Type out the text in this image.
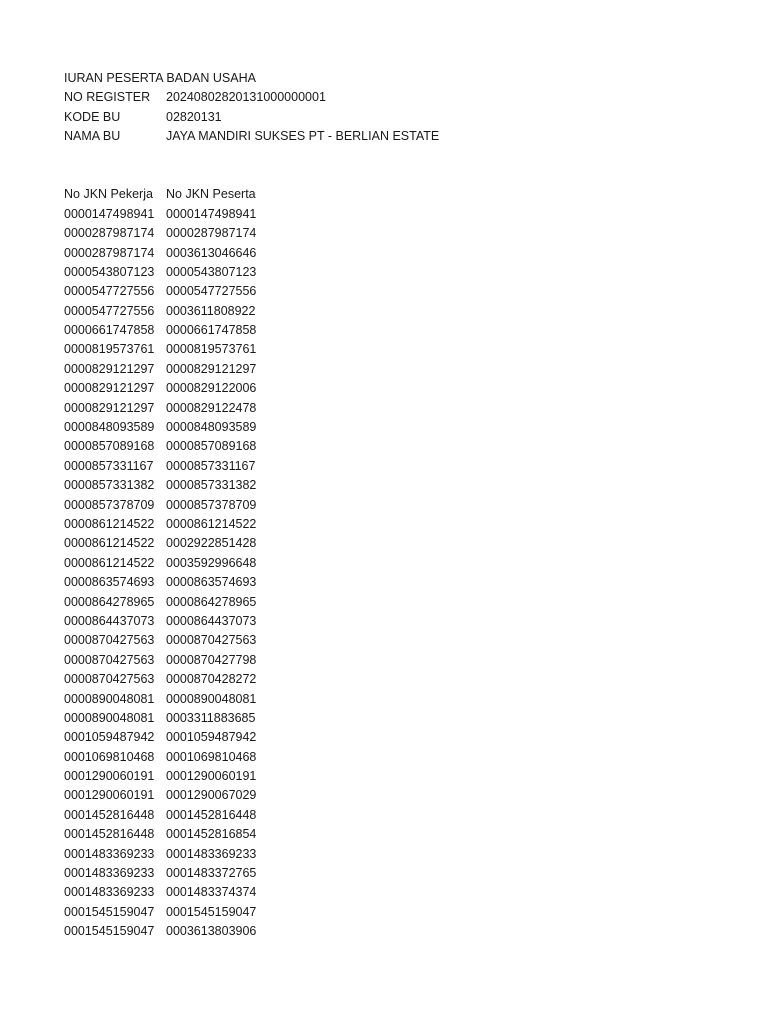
IURAN PESERTA BADAN USAHA
NO REGISTER	20240802820131000000001
KODE BU	02820131
NAMA BU	JAYA MANDIRI SUKSES PT - BERLIAN ESTATE
No JKN Pekerja	No JKN Peserta
0000147498941 0000147498941
0000287987174 0000287987174
0000287987174 0003613046646
0000543807123 0000543807123
0000547727556 0000547727556
0000547727556 0003611808922
0000661747858 0000661747858
0000819573761 0000819573761
0000829121297 0000829121297
0000829121297 0000829122006
0000829121297 0000829122478
0000848093589 0000848093589
0000857089168 0000857089168
0000857331167	0000857331167
0000857331382 0000857331382
0000857378709 0000857378709
0000861214522 0000861214522
0000861214522 0002922851428
0000861214522 0003592996648
0000863574693 0000863574693
0000864278965 0000864278965
0000864437073 0000864437073
0000870427563 0000870427563
0000870427563 0000870427798
0000870427563 0000870428272
0000890048081 0000890048081
0000890048081 0003311883685
0001059487942 0001059487942
0001069810468 0001069810468
0001290060191 0001290060191
0001290060191 0001290067029
0001452816448 0001452816448
0001452816448 0001452816854
0001483369233 0001483369233
0001483369233 0001483372765
0001483369233 0001483374374
0001545159047 0001545159047
0001545159047 0003613803906
